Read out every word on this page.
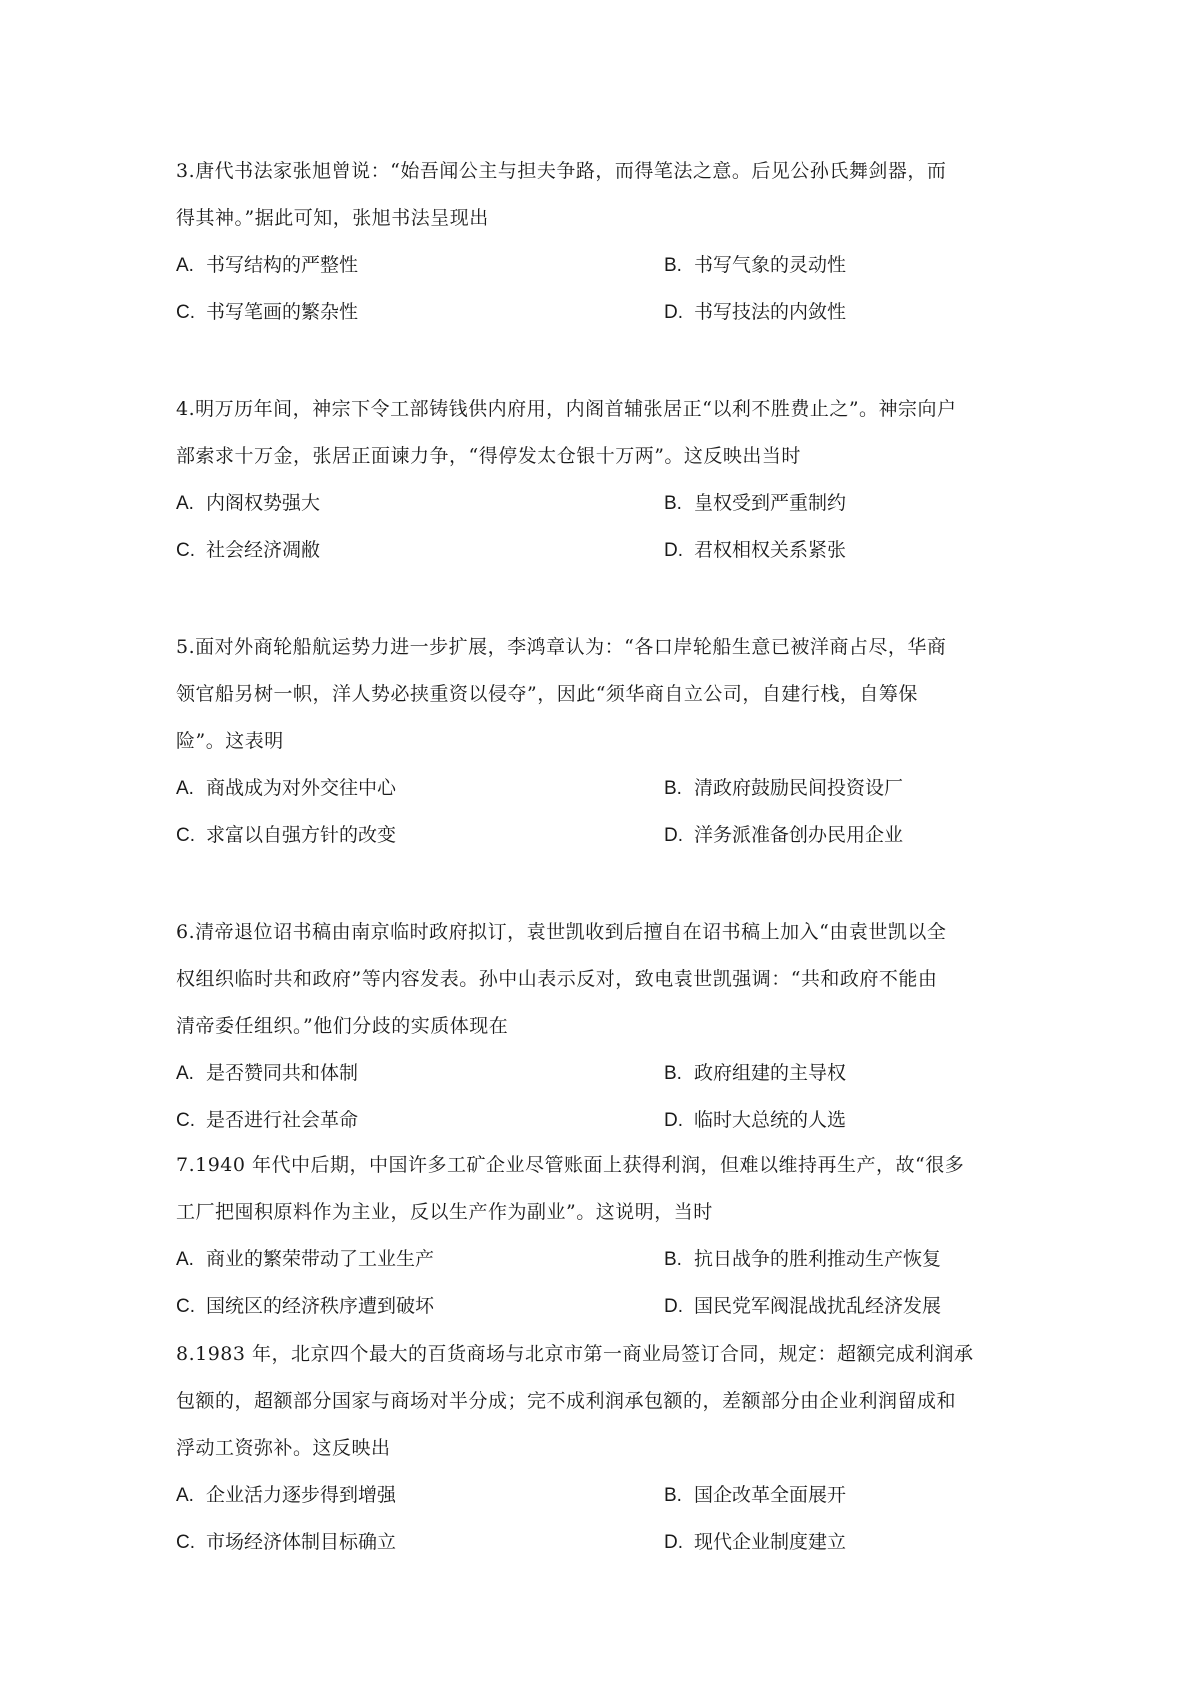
3.唐代书法家张旭曾说：“始吾闻公主与担夫争路，而得笔法之意。后见公孙氏舞剑器，而
得其神。”据此可知，张旭书法呈现出

A. 书写结构的严整性	B. 书写气象的灵动性
C. 书写笔画的繁杂性	D. 书写技法的内敛性

4.明万历年间，神宗下令工部铸钱供内府用，内阁首辅张居正“以利不胜费止之”。神宗向户
部索求十万金，张居正面谏力争，“得停发太仓银十万两”。这反映出当时

A. 内阁权势强大	B. 皇权受到严重制约
C. 社会经济凋敝	D. 君权相权关系紧张

5.面对外商轮船航运势力进一步扩展，李鸿章认为：“各口岸轮船生意已被洋商占尽，华商
领官船另树一帜，洋人势必挟重资以侵夺”，因此“须华商自立公司，自建行栈，自筹保
险”。这表明

A. 商战成为对外交往中心	B. 清政府鼓励民间投资设厂
C. 求富以自强方针的改变	D. 洋务派准备创办民用企业

6.清帝退位诏书稿由南京临时政府拟订，袁世凯收到后擅自在诏书稿上加入“由袁世凯以全
权组织临时共和政府”等内容发表。孙中山表示反对，致电袁世凯强调：“共和政府不能由
清帝委任组织。”他们分歧的实质体现在

A. 是否赞同共和体制	B. 政府组建的主导权
C. 是否进行社会革命	D. 临时大总统的人选

7.1940 年代中后期，中国许多工矿企业尽管账面上获得利润，但难以维持再生产，故“很多
工厂把囤积原料作为主业，反以生产作为副业”。这说明，当时

A. 商业的繁荣带动了工业生产	B. 抗日战争的胜利推动生产恢复
C. 国统区的经济秩序遭到破坏	D. 国民党军阀混战扰乱经济发展

8.1983 年，北京四个最大的百货商场与北京市第一商业局签订合同，规定：超额完成利润承
包额的，超额部分国家与商场对半分成；完不成利润承包额的，差额部分由企业利润留成和
浮动工资弥补。这反映出

A. 企业活力逐步得到增强	B. 国企改革全面展开
C. 市场经济体制目标确立	D. 现代企业制度建立
